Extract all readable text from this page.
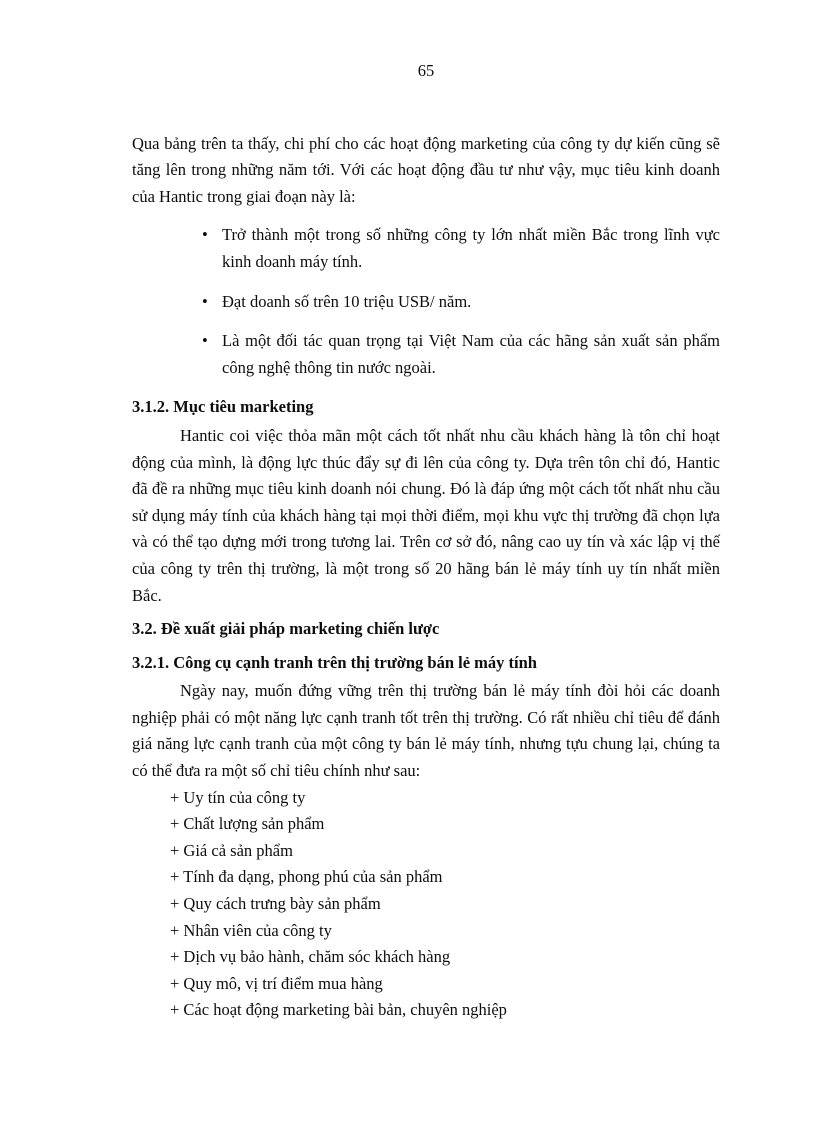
65

Qua bảng trên ta thấy, chi phí cho các hoạt động marketing của công ty dự kiến cũng sẽ tăng lên trong những năm tới. Với các hoạt động đầu tư như vậy, mục tiêu kinh doanh của Hantic trong giai đoạn này là:

• Trở thành một trong số những công ty lớn nhất miền Bắc trong lĩnh vực kinh doanh máy tính.
• Đạt doanh số trên 10 triệu USB/ năm.
• Là một đối tác quan trọng tại Việt Nam của các hãng sản xuất sản phẩm công nghệ thông tin nước ngoài.
3.1.2. Mục tiêu marketing

Hantic coi việc thỏa mãn một cách tốt nhất nhu cầu khách hàng là tôn chỉ hoạt động của mình, là động lực thúc đẩy sự đi lên của công ty. Dựa trên tôn chỉ đó, Hantic đã đề ra những mục tiêu kinh doanh nói chung. Đó là đáp ứng một cách tốt nhất nhu cầu sử dụng máy tính của khách hàng tại mọi thời điểm, mọi khu vực thị trường đã chọn lựa và có thể tạo dựng mới trong tương lai. Trên cơ sở đó, nâng cao uy tín và xác lập vị thế của công ty trên thị trường, là một trong số 20 hãng bán lẻ máy tính uy tín nhất miền Bắc.

3.2. Đề xuất giải pháp marketing chiến lược
3.2.1. Công cụ cạnh tranh trên thị trường bán lẻ máy tính

Ngày nay, muốn đứng vững trên thị trường bán lẻ máy tính đòi hỏi các doanh nghiệp phải có một năng lực cạnh tranh tốt trên thị trường. Có rất nhiều chỉ tiêu để đánh giá năng lực cạnh tranh của một công ty bán lẻ máy tính, nhưng tựu chung lại, chúng ta có thể đưa ra một số chỉ tiêu chính như sau:

+ Uy tín của công ty
+ Chất lượng sản phẩm
+ Giá cả sản phẩm
+ Tính đa dạng, phong phú của sản phẩm
+ Quy cách trưng bày sản phẩm
+ Nhân viên của công ty
+ Dịch vụ bảo hành, chăm sóc khách hàng
+ Quy mô, vị trí điểm mua hàng
+ Các hoạt động marketing bài bản, chuyên nghiệp
